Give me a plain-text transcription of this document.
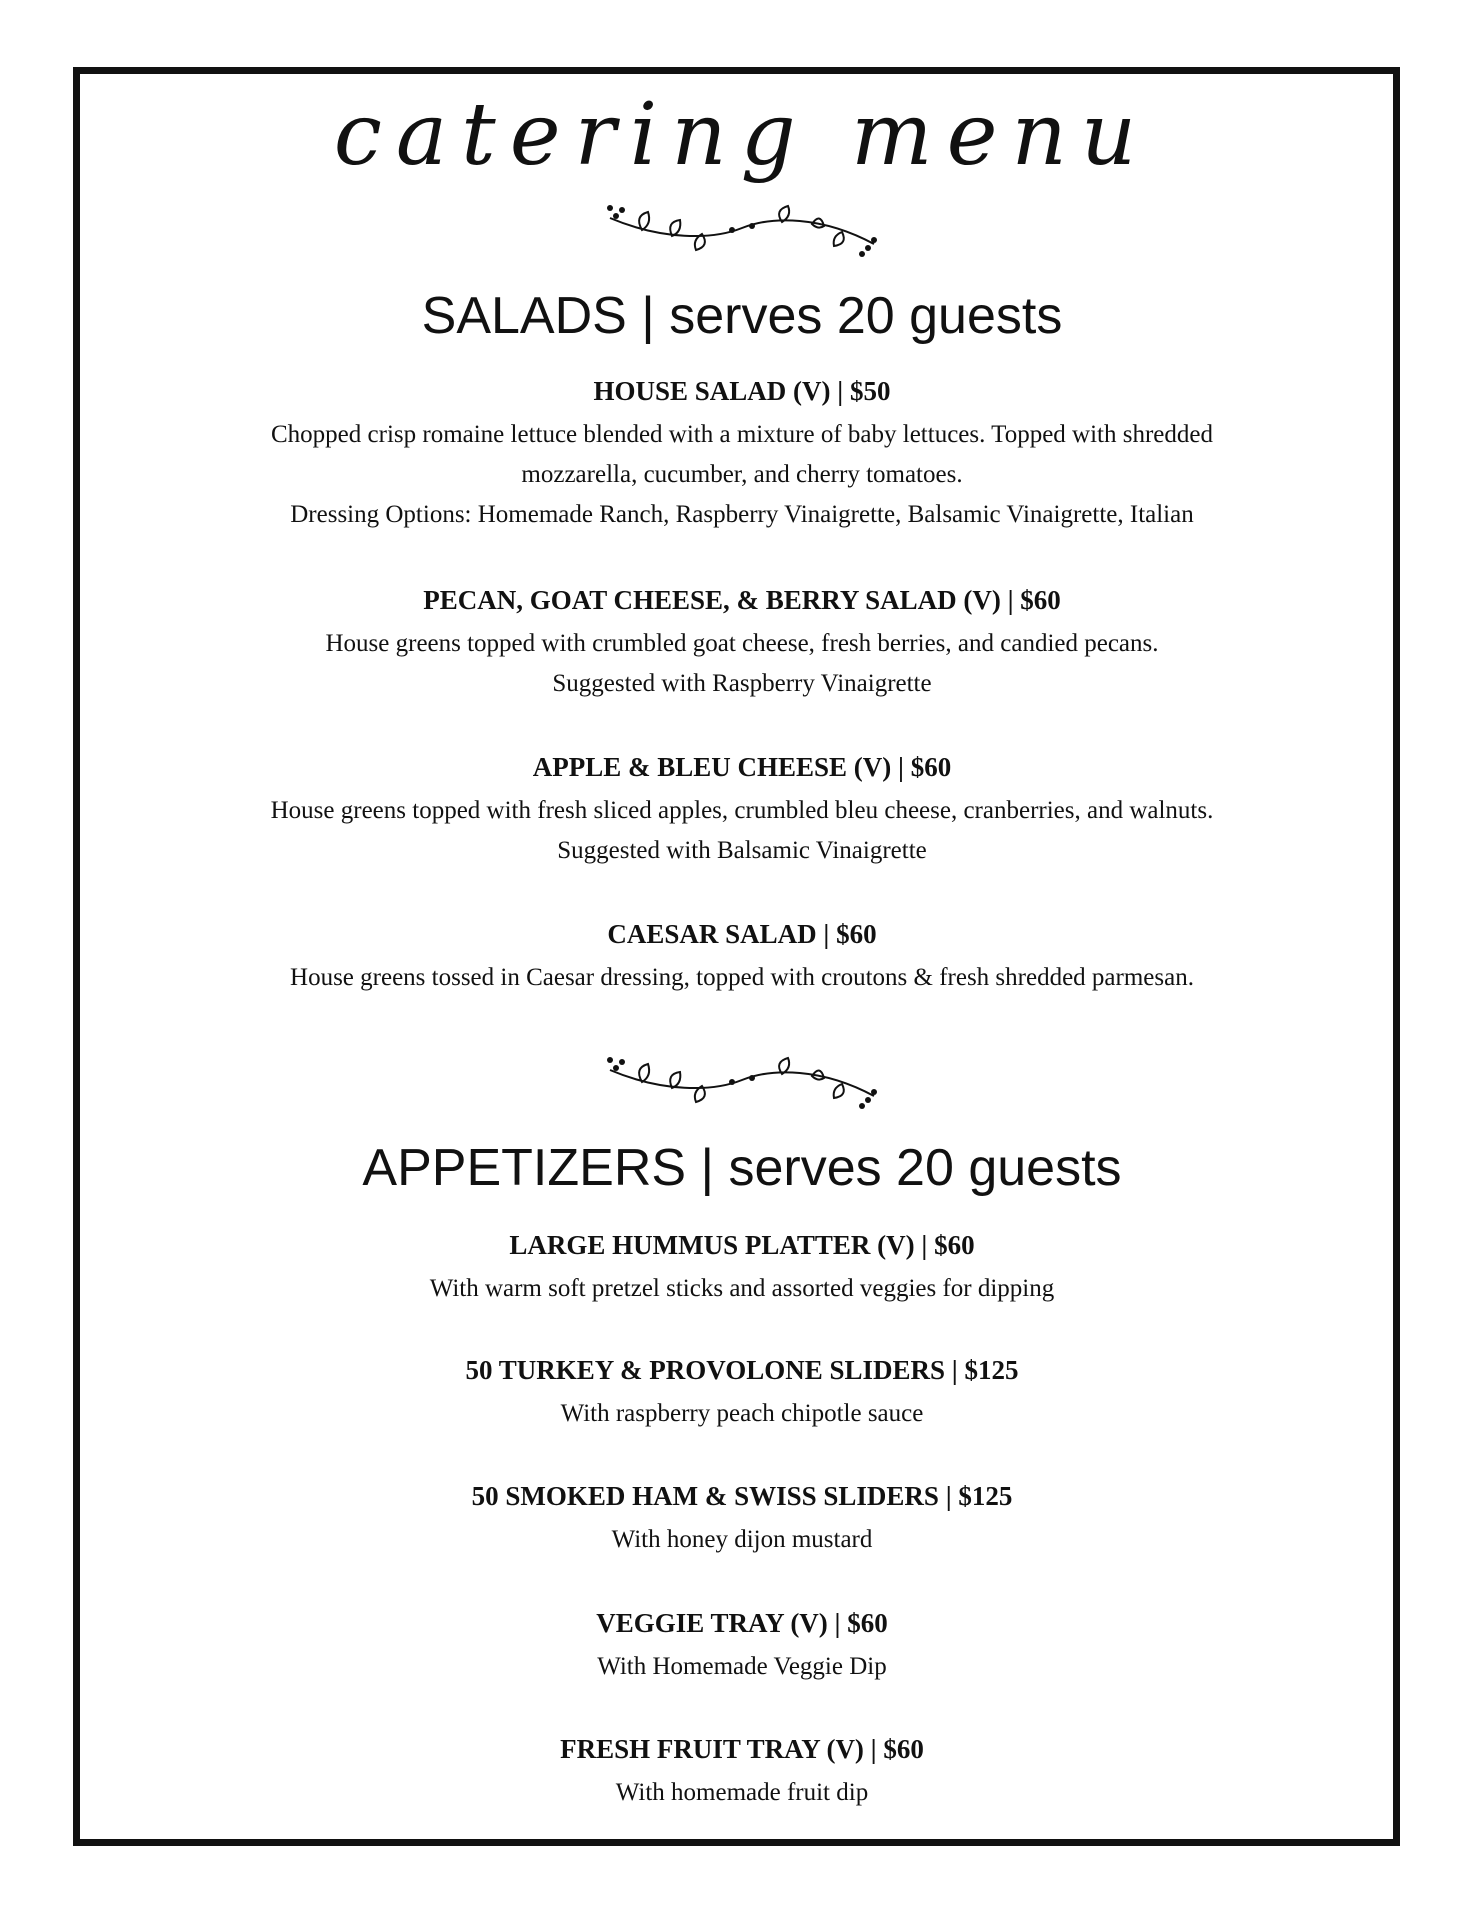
catering menu
SALADS | serves 20 guests
HOUSE SALAD (V) | $50
Chopped crisp romaine lettuce blended with a mixture of baby lettuces. Topped with shredded
mozzarella, cucumber, and cherry tomatoes.
Dressing Options: Homemade Ranch, Raspberry Vinaigrette, Balsamic Vinaigrette, Italian
PECAN, GOAT CHEESE, & BERRY SALAD (V) | $60
House greens topped with crumbled goat cheese, fresh berries, and candied pecans.
Suggested with Raspberry Vinaigrette
APPLE & BLEU CHEESE (V) | $60
House greens topped with fresh sliced apples, crumbled bleu cheese, cranberries, and walnuts.
Suggested with Balsamic Vinaigrette
CAESAR SALAD | $60
House greens tossed in Caesar dressing, topped with croutons & fresh shredded parmesan.
APPETIZERS | serves 20 guests
LARGE HUMMUS PLATTER (V) | $60
With warm soft pretzel sticks and assorted veggies for dipping
50 TURKEY & PROVOLONE SLIDERS | $125
With raspberry peach chipotle sauce
50 SMOKED HAM & SWISS SLIDERS | $125
With honey dijon mustard
VEGGIE TRAY (V) | $60
With Homemade Veggie Dip
FRESH FRUIT TRAY (V) | $60
With homemade fruit dip
